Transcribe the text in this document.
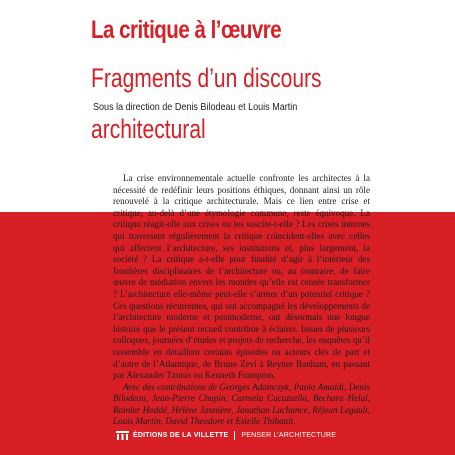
La critique à l’œuvre
Fragments d’un discours
Sous la direction de Denis Bilodeau et Louis Martin
architectural

La crise environnementale actuelle confronte les architectes à la nécessité de redéfinir leurs positions éthiques, donnant ainsi un rôle renouvelé à la critique architecturale. Mais ce lien entre crise et critique, au-delà d’une étymologie commune, reste équivoque. La critique réagit-elle aux crises ou les suscite-t-elle ? Les crises internes qui traversent régulièrement la critique coïncident-elles avec celles qui affectent l’architecture, ses institutions et, plus largement, la société ? La critique a-t-elle pour finalité d’agir à l’intérieur des frontières disciplinaires de l’architecture ou, au contraire, de faire œuvre de médiation envers les mondes qu’elle est censée transformer ? L’architecture elle-même peut-elle s’armer d’un potentiel critique ? Ces questions récurrentes, qui ont accompagné les développements de l’architecture moderne et postmoderne, ont désormais une longue histoire que le présent recueil contribue à éclairer. Issues de plusieurs colloques, journées d’études et projets de recherche, les enquêtes qu’il rassemble en détaillent certains épisodes ou acteurs clés de part et d’autre de l’Atlantique, de Bruno Zevi à Reyner Banham, en passant par Alexander Tzonis ou Kenneth Frampton.

Avec des contributions de Georges Adamczyk, Paolo Amaldi, Denis Bilodeau, Jean-Pierre Chupin, Carmela Cucuzzella, Bechara Helal, Rainier Hoddé, Hélène Jannière, Jonathan Lachance, Réjean Legault, Louis Martin, David Theodore et Estelle Thibault.

ÉDITIONS DE LA VILLETTE PENSER L’ARCHITECTURE
